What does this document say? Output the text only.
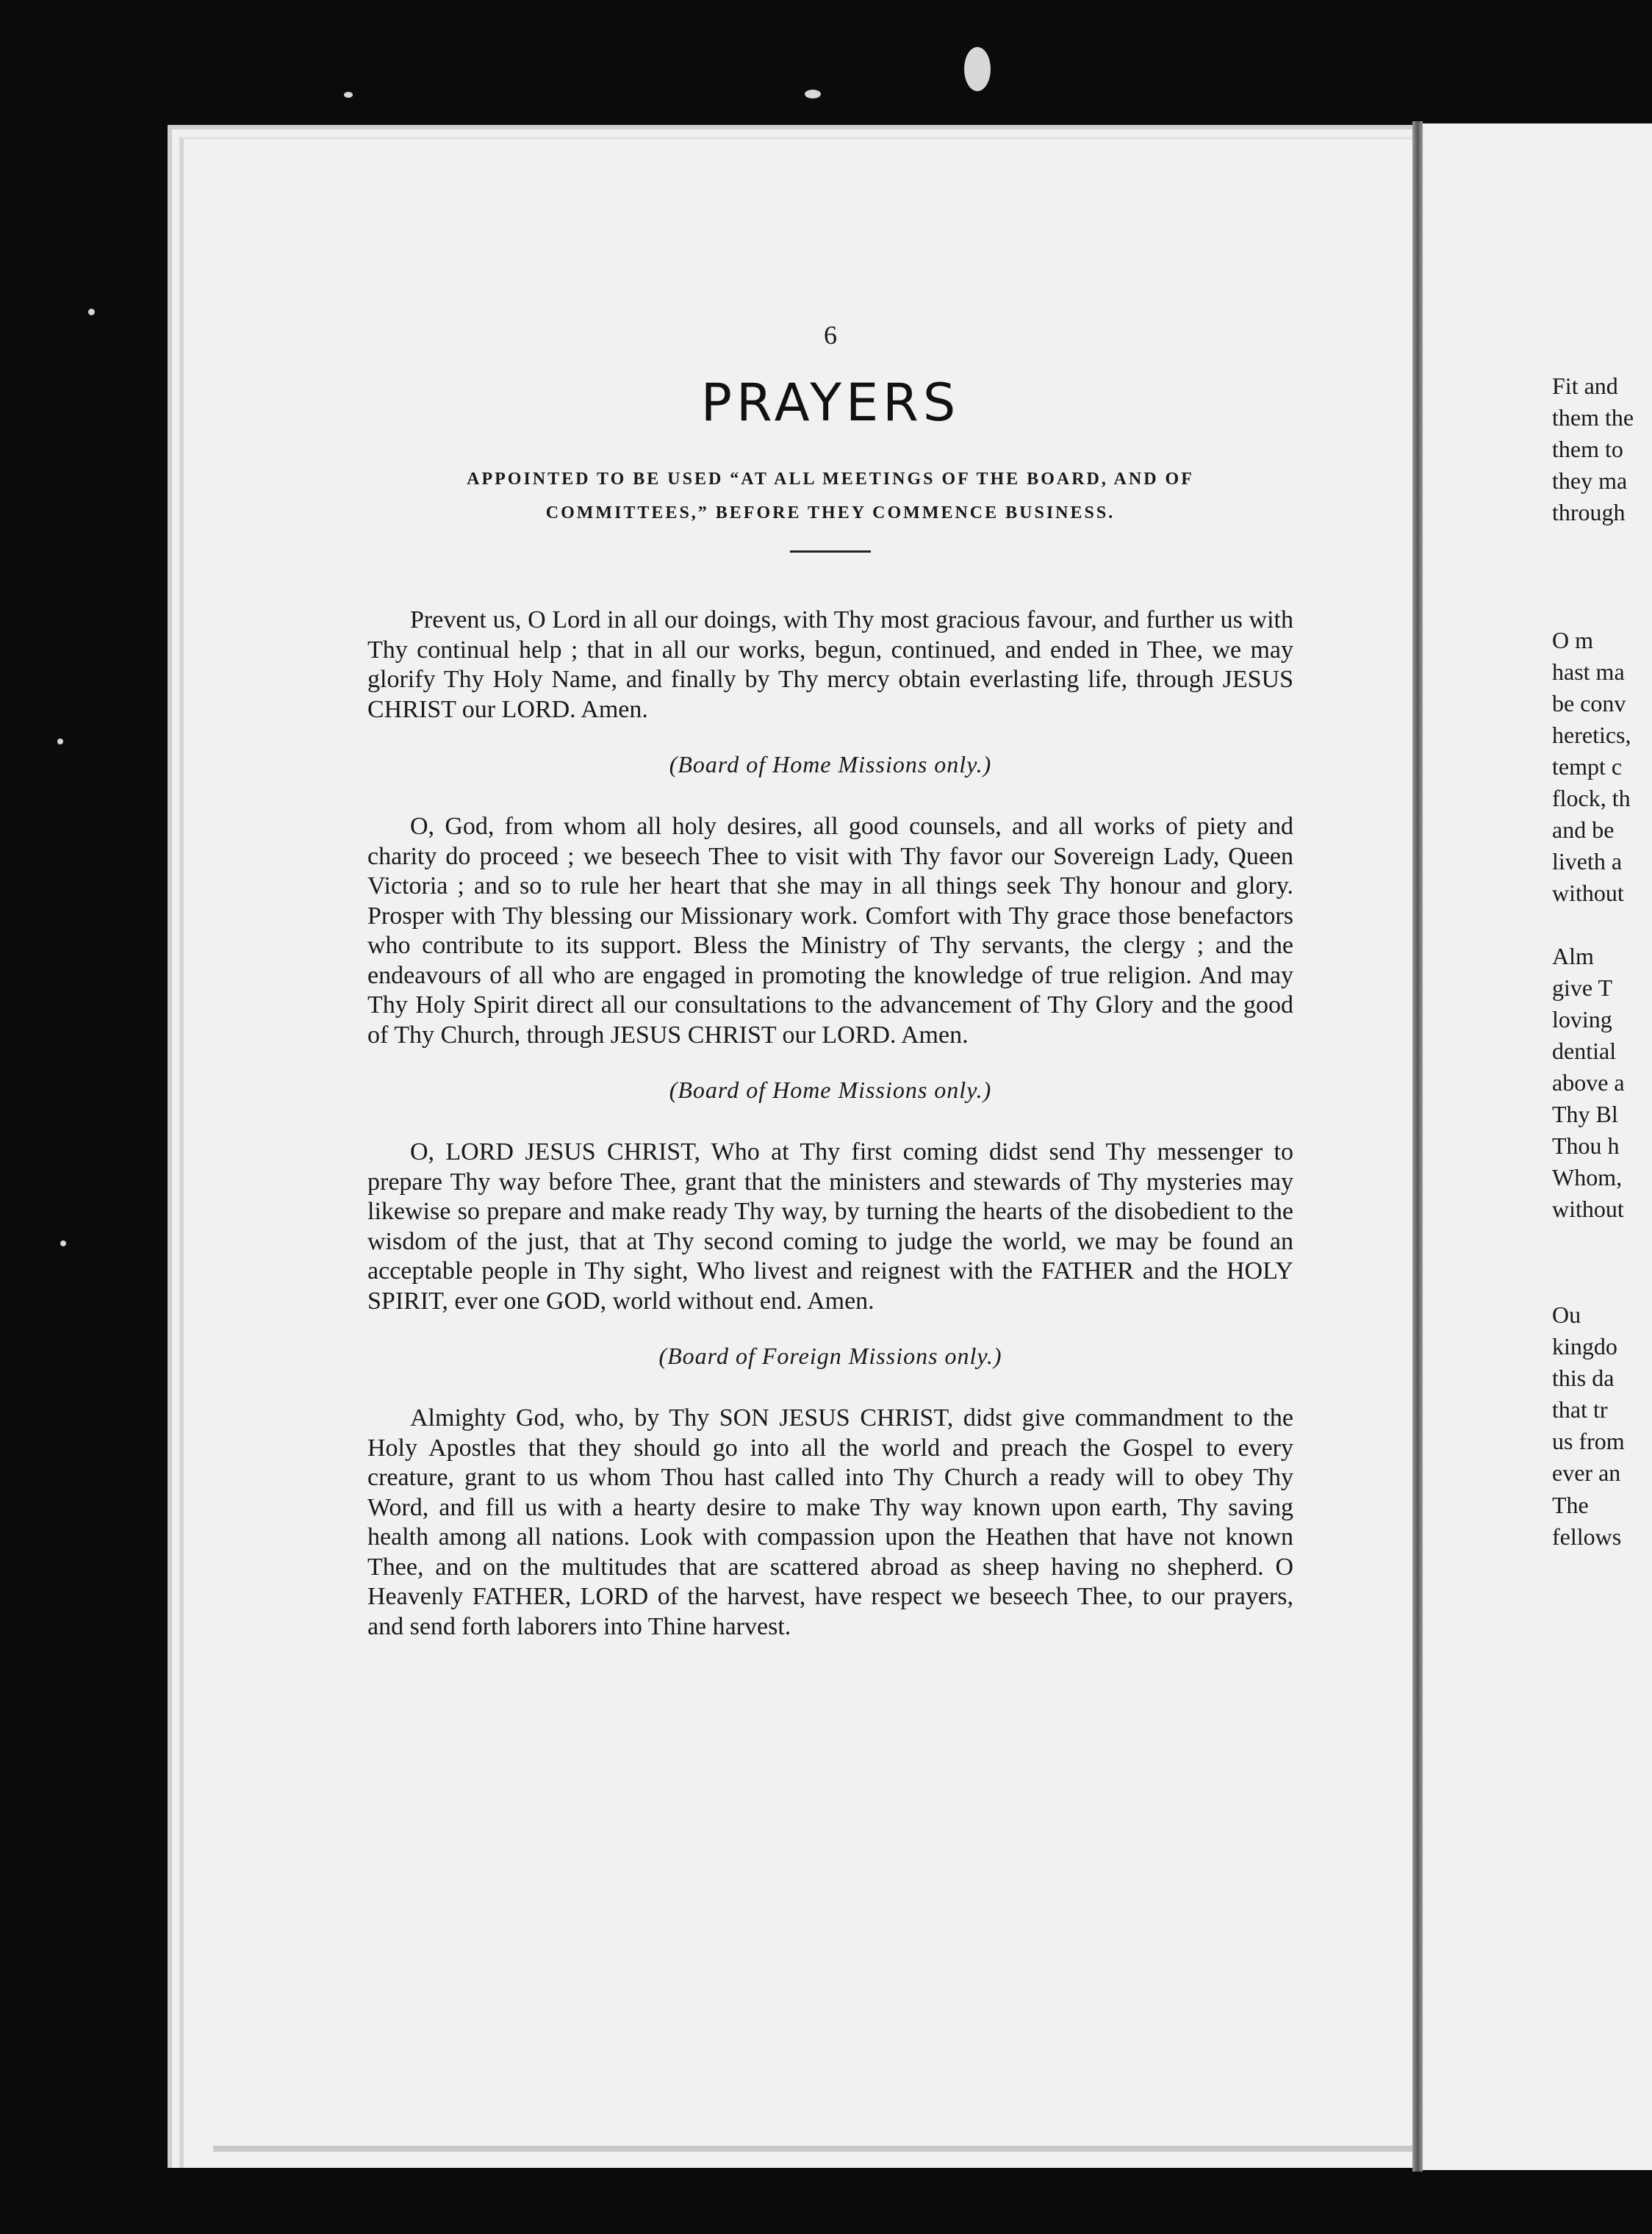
Fit and
them the
them to
they ma
through
O m
hast ma
be conv
heretics,
tempt c
flock, th
and be
liveth a
without
Alm
give T
loving
dential
above a
Thy Bl
Thou h
Whom,
without
Ou
kingdo
this da
that tr
us from
ever an
The
fellows
6
PRAYERS
APPOINTED TO BE USED “AT ALL MEETINGS OF THE BOARD, AND OF
COMMITTEES,” BEFORE THEY COMMENCE BUSINESS.

Prevent us, O Lord in all our doings, with Thy most gracious favour, and further us with Thy continual help ; that in all our works, begun, continued, and ended in Thee, we may glorify Thy Holy Name, and finally by Thy mercy obtain everlasting life, through JESUS CHRIST our LORD. Amen.

(Board of Home Missions only.)

O, God, from whom all holy desires, all good counsels, and all works of piety and charity do proceed ; we beseech Thee to visit with Thy favor our Sovereign Lady, Queen Victoria ; and so to rule her heart that she may in all things seek Thy honour and glory. Prosper with Thy blessing our Missionary work. Comfort with Thy grace those benefactors who contribute to its support. Bless the Ministry of Thy servants, the clergy ; and the endeavours of all who are engaged in promoting the knowledge of true religion. And may Thy Holy Spirit direct all our consultations to the advancement of Thy Glory and the good of Thy Church, through JESUS CHRIST our LORD. Amen.

(Board of Home Missions only.)

O, LORD JESUS CHRIST, Who at Thy first coming didst send Thy messenger to prepare Thy way before Thee, grant that the ministers and stewards of Thy mysteries may likewise so prepare and make ready Thy way, by turning the hearts of the disobedient to the wisdom of the just, that at Thy second coming to judge the world, we may be found an acceptable people in Thy sight, Who livest and reignest with the FATHER and the HOLY SPIRIT, ever one GOD, world without end. Amen.

(Board of Foreign Missions only.)

Almighty God, who, by Thy SON JESUS CHRIST, didst give commandment to the Holy Apostles that they should go into all the world and preach the Gospel to every creature, grant to us whom Thou hast called into Thy Church a ready will to obey Thy Word, and fill us with a hearty desire to make Thy way known upon earth, Thy saving health among all nations. Look with compassion upon the Heathen that have not known Thee, and on the multitudes that are scattered abroad as sheep having no shepherd. O Heavenly FATHER, LORD of the harvest, have respect we beseech Thee, to our prayers, and send forth laborers into Thine harvest.
